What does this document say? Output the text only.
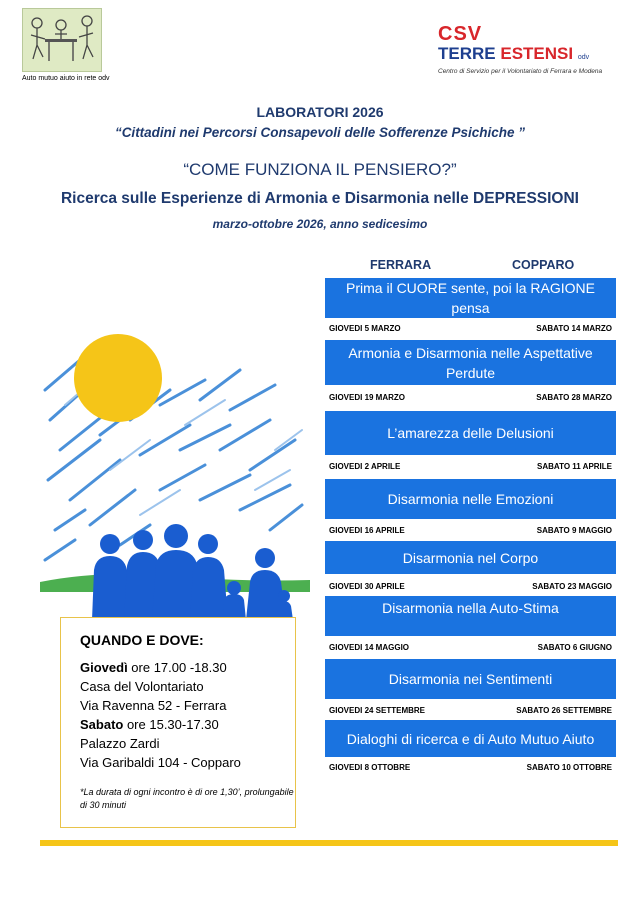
Auto mutuo aiuto in rete odv
CSV
TERRE ESTENSI odv
Centro di Servizio per il Volontariato di Ferrara e Modena
LABORATORI 2026
“Cittadini nei Percorsi Consapevoli delle Sofferenze Psichiche ”
“COME FUNZIONA IL PENSIERO?”
Ricerca sulle Esperienze di Armonia e Disarmonia nelle DEPRESSIONI
marzo-ottobre 2026, anno sedicesimo
FERRARA	COPPARO
Prima il CUORE sente, poi la RAGIONE pensa
GIOVEDI 5 MARZO	SABATO 14 MARZO
Armonia e Disarmonia nelle Aspettative Perdute
GIOVEDI 19 MARZO	SABATO 28 MARZO
L’amarezza delle Delusioni
GIOVEDI 2 APRILE	SABATO 11 APRILE
Disarmonia nelle Emozioni
GIOVEDI 16 APRILE	SABATO 9 MAGGIO
Disarmonia nel Corpo
GIOVEDI 30 APRILE	SABATO 23 MAGGIO
Disarmonia nella Auto-Stima
GIOVEDI 14 MAGGIO	SABATO 6 GIUGNO
Disarmonia nei Sentimenti
GIOVEDI 24 SETTEMBRE	SABATO 26 SETTEMBRE
Dialoghi di ricerca e di Auto Mutuo Aiuto
GIOVEDI 8 OTTOBRE	SABATO 10 OTTOBRE
QUANDO E DOVE:
Giovedì ore 17.00 -18.30
Casa del Volontariato
Via Ravenna 52 - Ferrara
Sabato ore 15.30-17.30
Palazzo Zardi
Via Garibaldi 104 - Copparo
*La durata di ogni incontro è di ore 1,30’, prolungabile di 30 minuti
